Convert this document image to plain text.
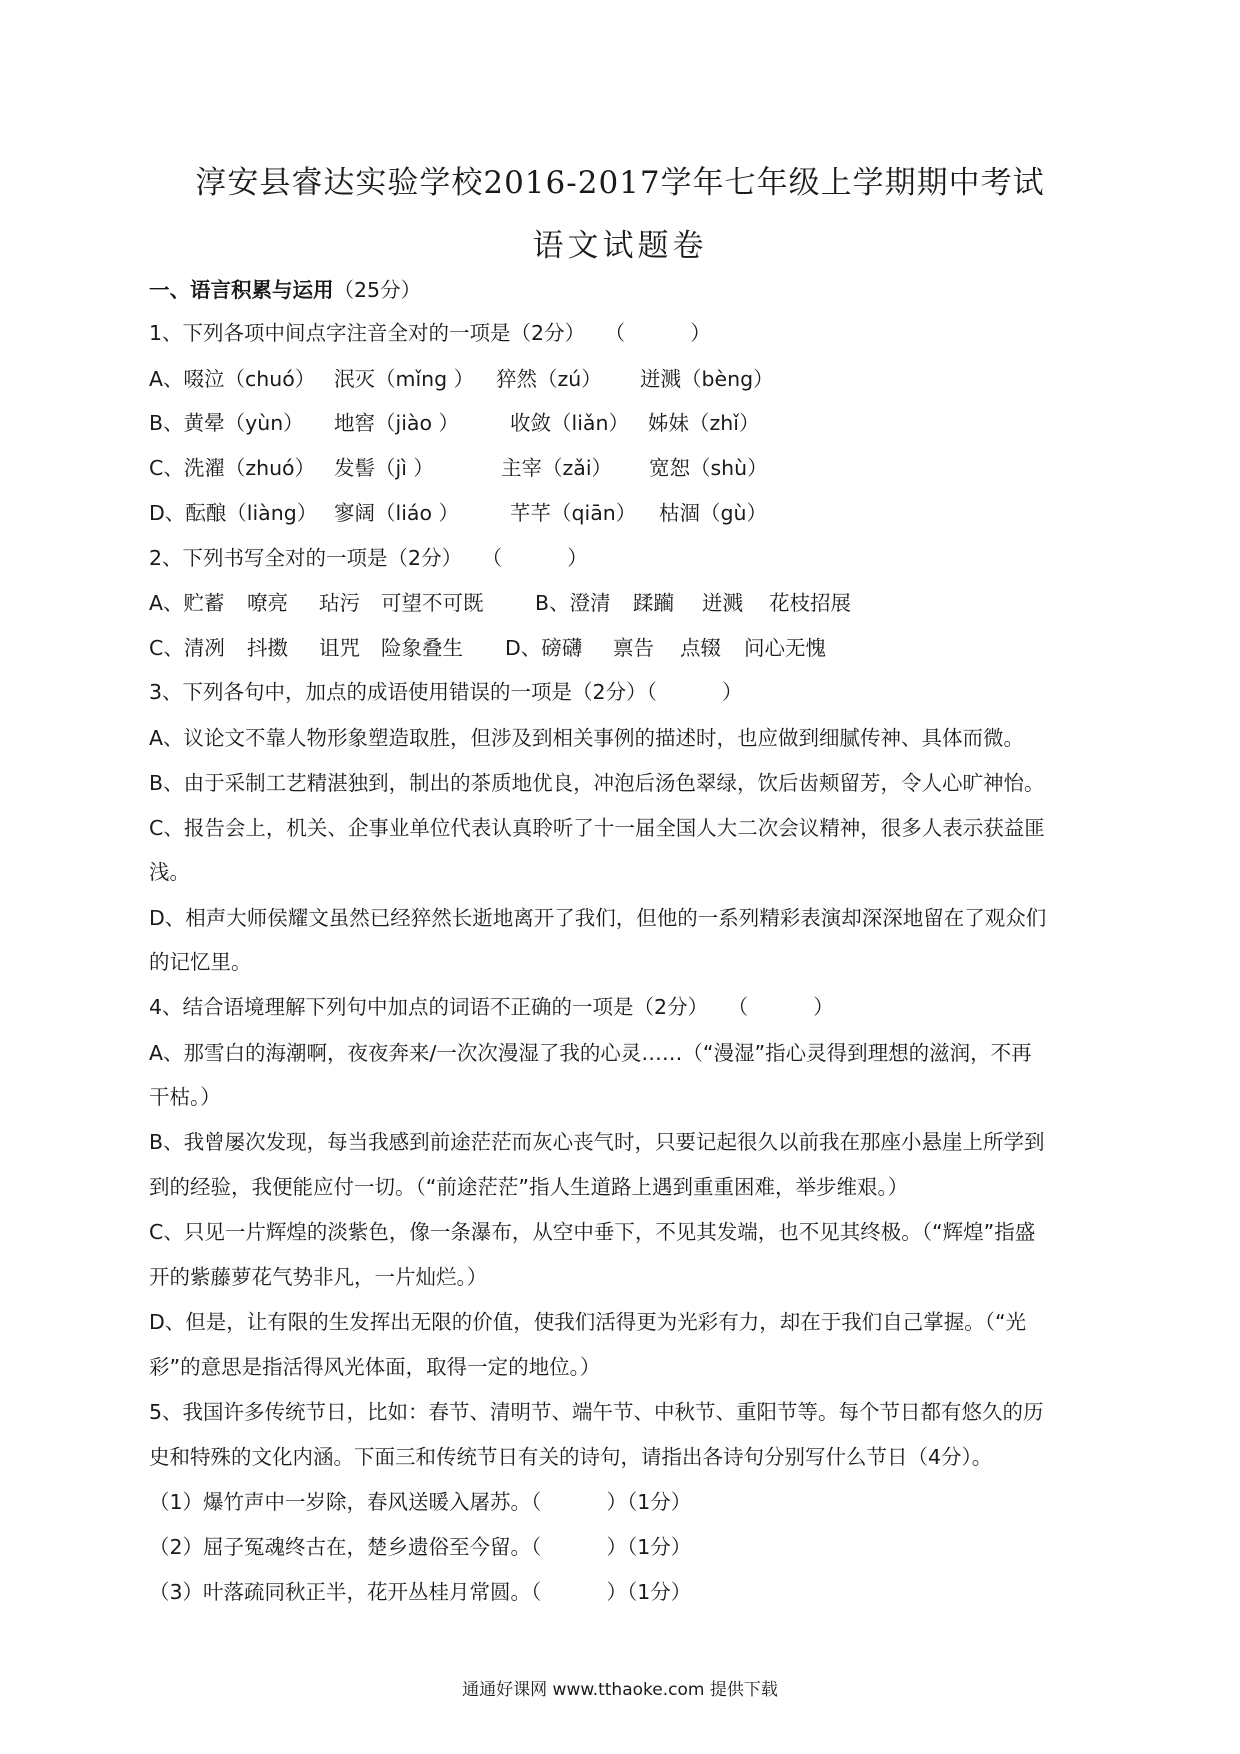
淳安县睿达实验学校2016-2017学年七年级上学期期中考试
语文试题卷
一、语言积累与运用（25分）
1、下列各项中间点字注音全对的一项是（2分）   （          ）
A、啜泣（chuó） 泯灭（mǐng ） 猝然（zú） 迸溅（bèng）
B、黄晕（yùn） 地窖（jiào ） 收敛（liǎn） 姊妹（zhǐ）
C、洗濯（zhuó） 发髻（jì ）	主宰（zǎi） 宽恕（shù）
D、酝酿（liàng） 寥阔（liáo ） 芊芊（qiān） 枯涸（gù）
2、下列书写全对的一项是（2分）   （          ）
A、贮蓄 嘹亮 玷污 可望不可既	B、澄清 蹂躏 迸溅 花枝招展
C、清冽 抖擞 诅咒 险象叠生 D、磅礴 禀告 点辍 问心无愧
3、下列各句中，加点的成语使用错误的一项是（2分）（          ）
A、议论文不靠人物形象塑造取胜，但涉及到相关事例的描述时，也应做到细腻传神、具体而微。
B、由于采制工艺精湛独到，制出的茶质地优良，冲泡后汤色翠绿，饮后齿颊留芳，令人心旷神怡。
C、报告会上，机关、企事业单位代表认真聆听了十一届全国人大二次会议精神，很多人表示获益匪
浅。
D、相声大师侯耀文虽然已经猝然长逝地离开了我们，但他的一系列精彩表演却深深地留在了观众们
的记忆里。
4、结合语境理解下列句中加点的词语不正确的一项是（2分）   （          ）
A、那雪白的海潮啊，夜夜奔来/一次次漫湿了我的心灵……（“漫湿”指心灵得到理想的滋润，不再
干枯。）
B、我曾屡次发现，每当我感到前途茫茫而灰心丧气时，只要记起很久以前我在那座小悬崖上所学到
到的经验，我便能应付一切。（“前途茫茫”指人生道路上遇到重重困难，举步维艰。）
C、只见一片辉煌的淡紫色，像一条瀑布，从空中垂下，不见其发端，也不见其终极。（“辉煌”指盛
开的紫藤萝花气势非凡，一片灿烂。）
D、但是，让有限的生发挥出无限的价值，使我们活得更为光彩有力，却在于我们自己掌握。（“光
彩”的意思是指活得风光体面，取得一定的地位。）
5、我国许多传统节日，比如：春节、清明节、端午节、中秋节、重阳节等。每个节日都有悠久的历
史和特殊的文化内涵。下面三和传统节日有关的诗句，请指出各诗句分别写什么节日（4分）。
（1）爆竹声中一岁除，春风送暖入屠苏。（          ）（1分）
（2）屈子冤魂终古在，楚乡遗俗至今留。（          ）（1分）
（3）叶落疏同秋正半，花开丛桂月常圆。（          ）（1分）
通通好课网 www.tthaoke.com 提供下载
